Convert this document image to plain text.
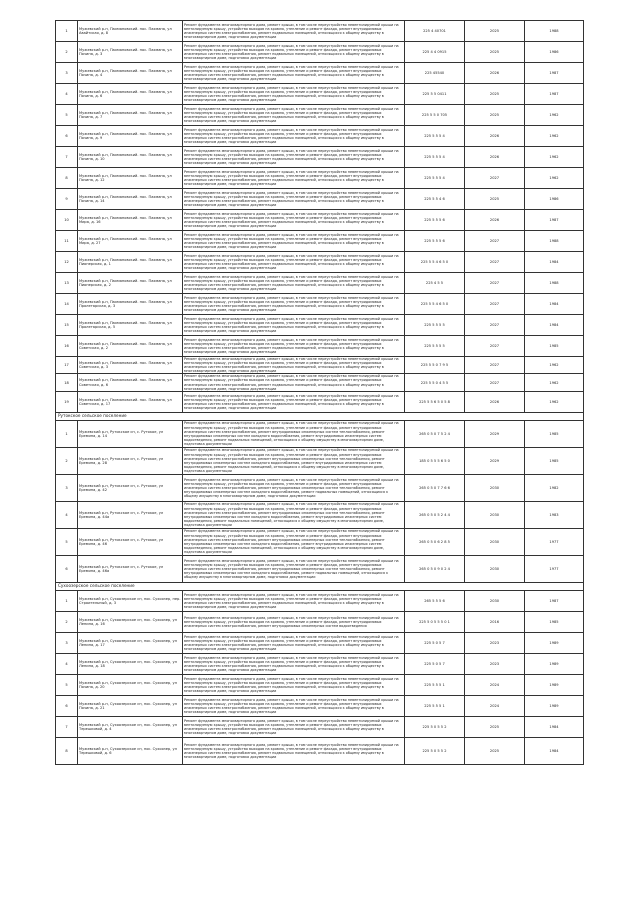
1	Мужевский р-н, Пахмановский. пос. Пахмана, ул Авайтская, д. 8	Ремонт фундамента многоквартирного дома, ремонт крыши, в том числе переустройство невентилируемой крыши на вентилируемую крышу, устройство выходов на кровлю, утепление и ремонт фасада, ремонт внутридомовых инженерных систем электроснабжения, ремонт подвальных помещений, относящихся к общему имуществу в многоквартирном доме, подготовка документации	225 4 40701	2025	1988
2	Мужевский р-н, Пахмановский. пос. Пахмана, ул Почина, д. 3	Ремонт фундамента многоквартирного дома, ремонт крыши, в том числе переустройство невентилируемой крыши на вентилируемую крышу, устройство выходов на кровлю, утепление и ремонт фасада, ремонт внутридомовых инженерных систем электроснабжения, ремонт подвальных помещений, относящихся к общему имуществу в многоквартирном доме, подготовка документации	225 4 4 0915	2025	1986
3	Мужевский р-н, Пахмановский. пос. Пахмана, ул Почина, д. 4	Ремонт фундамента многоквартирного дома, ремонт крыши, в том числе переустройство невентилируемой крыши на вентилируемую крышу, устройство выходов на кровлю, утепление и ремонт фасада, ремонт внутридомовых инженерных систем электроснабжения, ремонт подвальных помещений, относящихся к общему имуществу в многоквартирном доме, подготовка документации	225 45540	2026	1987
4	Мужевский р-н, Пахмановский. пос. Пахмана, ул Почина, д. 6	Ремонт фундамента многоквартирного дома, ремонт крыши, в том числе переустройство невентилируемой крыши на вентилируемую крышу, устройство выходов на кровлю, утепление и ремонт фасада, ремонт внутридомовых инженерных систем электроснабжения, ремонт подвальных помещений, относящихся к общему имуществу в многоквартирном доме, подготовка документации	225 5 5 0411	2025	1987
5	Мужевский р-н, Пахмановский. пос. Пахмана, ул Почина, д. 7	Ремонт фундамента многоквартирного дома, ремонт крыши, в том числе переустройство невентилируемой крыши на вентилируемую крышу, устройство выходов на кровлю, утепление и ремонт фасада, ремонт внутридомовых инженерных систем электроснабжения, ремонт подвальных помещений, относящихся к общему имуществу в многоквартирном доме, подготовка документации	225 5 5 0 705	2025	1962
6	Мужевский р-н, Пахмановский. пос. Пахмана, ул Почина, д. 9	Ремонт фундамента многоквартирного дома, ремонт крыши, в том числе переустройство невентилируемой крыши на вентилируемую крышу, устройство выходов на кровлю, утепление и ремонт фасада, ремонт внутридомовых инженерных систем электроснабжения, ремонт подвальных помещений, относящихся к общему имуществу в многоквартирном доме, подготовка документации	225 5 5 5 4	2026	1962
7	Мужевский р-н, Пахмановский. пос. Пахмана, ул Почина, д. 10	Ремонт фундамента многоквартирного дома, ремонт крыши, в том числе переустройство невентилируемой крыши на вентилируемую крышу, устройство выходов на кровлю, утепление и ремонт фасада, ремонт внутридомовых инженерных систем электроснабжения, ремонт подвальных помещений, относящихся к общему имуществу в многоквартирном доме, подготовка документации	225 5 5 5 4	2026	1962
8	Мужевский р-н, Пахмановский. пос. Пахмана, ул Почина, д. 12	Ремонт фундамента многоквартирного дома, ремонт крыши, в том числе переустройство невентилируемой крыши на вентилируемую крышу, устройство выходов на кровлю, утепление и ремонт фасада, ремонт внутридомовых инженерных систем электроснабжения, ремонт подвальных помещений, относящихся к общему имуществу в многоквартирном доме, подготовка документации	225 5 5 5 4	2027	1962
9	Мужевский р-н, Пахмановский. пос. Пахмана, ул Почина, д. 14	Ремонт фундамента многоквартирного дома, ремонт крыши, в том числе переустройство невентилируемой крыши на вентилируемую крышу, устройство выходов на кровлю, утепление и ремонт фасада, ремонт внутридомовых инженерных систем электроснабжения, ремонт подвальных помещений, относящихся к общему имуществу в многоквартирном доме, подготовка документации	225 5 5 4 6	2025	1986
10	Мужевский р-н, Пахмановский. пос. Пахмана, ул Мира, д. 16	Ремонт фундамента многоквартирного дома, ремонт крыши, в том числе переустройство невентилируемой крыши на вентилируемую крышу, устройство выходов на кровлю, утепление и ремонт фасада, ремонт внутридомовых инженерных систем электроснабжения, ремонт подвальных помещений, относящихся к общему имуществу в многоквартирном доме, подготовка документации	225 5 5 5 6	2026	1987
11	Мужевский р-н, Пахмановский. пос. Пахмана, ул Мира, д. 27	Ремонт фундамента многоквартирного дома, ремонт крыши, в том числе переустройство невентилируемой крыши на вентилируемую крышу, устройство выходов на кровлю, утепление и ремонт фасада, ремонт внутридомовых инженерных систем электроснабжения, ремонт подвальных помещений, относящихся к общему имуществу в многоквартирном доме, подготовка документации	225 5 5 5 6	2027	1988
12	Мужевский р-н, Пахмановский. пос. Пахмана, ул Пионерская, д. 1	Ремонт фундамента многоквартирного дома, ремонт крыши, в том числе переустройство невентилируемой крыши на вентилируемую крышу, устройство выходов на кровлю, утепление и ремонт фасада, ремонт внутридомовых инженерных систем электроснабжения, ремонт подвальных помещений, относящихся к общему имуществу в многоквартирном доме, подготовка документации	225 5 5 4 6 5 0	2027	1984
13	Мужевский р-н, Пахмановский. пос. Пахмана, ул Пионерская, д. 2	Ремонт фундамента многоквартирного дома, ремонт крыши, в том числе переустройство невентилируемой крыши на вентилируемую крышу, устройство выходов на кровлю, утепление и ремонт фасада, ремонт внутридомовых инженерных систем электроснабжения, ремонт подвальных помещений, относящихся к общему имуществу в многоквартирном доме, подготовка документации	225 4 5 5	2027	1988
14	Мужевский р-н, Пахмановский. пос. Пахмана, ул Пролетарская, д. 3	Ремонт фундамента многоквартирного дома, ремонт крыши, в том числе переустройство невентилируемой крыши на вентилируемую крышу, устройство выходов на кровлю, утепление и ремонт фасада, ремонт внутридомовых инженерных систем электроснабжения, ремонт подвальных помещений, относящихся к общему имуществу в многоквартирном доме, подготовка документации	225 5 5 4 6 5 0	2027	1984
15	Мужевский р-н, Пахмановский. пос. Пахмана, ул Пролетарская, д. 5	Ремонт фундамента многоквартирного дома, ремонт крыши, в том числе переустройство невентилируемой крыши на вентилируемую крышу, устройство выходов на кровлю, утепление и ремонт фасада, ремонт внутридомовых инженерных систем электроснабжения, ремонт подвальных помещений, относящихся к общему имуществу в многоквартирном доме, подготовка документации	225 5 5 5 5	2027	1984
16	Мужевский р-н, Пахмановский. пос. Пахмана, ул Советская, д. 2	Ремонт фундамента многоквартирного дома, ремонт крыши, в том числе переустройство невентилируемой крыши на вентилируемую крышу, устройство выходов на кровлю, утепление и ремонт фасада, ремонт внутридомовых инженерных систем электроснабжения, ремонт подвальных помещений, относящихся к общему имуществу в многоквартирном доме, подготовка документации	225 5 5 5 5	2027	1985
17	Мужевский р-н, Пахмановский. пос. Пахмана, ул Советская, д. 3	Ремонт фундамента многоквартирного дома, ремонт крыши, в том числе переустройство невентилируемой крыши на вентилируемую крышу, устройство выходов на кровлю, утепление и ремонт фасада, ремонт внутридомовых инженерных систем электроснабжения, ремонт подвальных помещений, относящихся к общему имуществу в многоквартирном доме, подготовка документации	225 5 5 0 7 9 5	2027	1962
18	Мужевский р-н, Пахмановский. пос. Пахмана, ул Советская, д. 6	Ремонт фундамента многоквартирного дома, ремонт крыши, в том числе переустройство невентилируемой крыши на вентилируемую крышу, устройство выходов на кровлю, утепление и ремонт фасада, ремонт внутридомовых инженерных систем электроснабжения, ремонт подвальных помещений, относящихся к общему имуществу в многоквартирном доме, подготовка документации	225 5 5 0 4 5 5	2027	1962
19	Мужевский р-н, Пахмановский. пос. Пахмана, ул Советская, д. 17	Ремонт фундамента многоквартирного дома, ремонт крыши, в том числе переустройство невентилируемой крыши на вентилируемую крышу, устройство выходов на кровлю, утепление и ремонт фасада, ремонт внутридомовых инженерных систем электроснабжения, ремонт подвальных помещений, относящихся к общему имуществу в многоквартирном доме, подготовка документации	225 5 5 6 5 0 5 8	2026	1962
Рутокское сельское поселение					
1	Мужевский р-н, Рутокское сп, с. Рутокое, ул Еремина, д. 14	Ремонт фундамента многоквартирного дома, ремонт крыши, в том числе переустройство невентилируемой крыши на вентилируемую крышу, устройство выходов на кровлю, утепление и ремонт фасада, ремонт внутридомовых инженерных систем электроснабжения, ремонт внутридомовых инженерных систем теплоснабжения, ремонт внутридомовых инженерных систем холодного водоснабжения, ремонт внутридомовых инженерных систем водоотведения, ремонт подвальных помещений, относящихся к общему имуществу в многоквартирном доме, подготовка документации	265 0 5 0 7 5 2 4	2029	1985
2	Мужевский р-н, Рутокское сп, с. Рутокое, ул Еремина, д. 28	Ремонт фундамента многоквартирного дома, ремонт крыши, в том числе переустройство невентилируемой крыши на вентилируемую крышу, устройство выходов на кровлю, утепление и ремонт фасада, ремонт внутридомовых инженерных систем электроснабжения, ремонт внутридомовых инженерных систем теплоснабжения, ремонт внутридомовых инженерных систем холодного водоснабжения, ремонт внутридомовых инженерных систем водоотведения, ремонт подвальных помещений, относящихся к общему имуществу в многоквартирном доме, подготовка документации	185 0 5 5 5 6 5 0	2029	1985
3	Мужевский р-н, Рутокское сп, с. Рутокое, ул Еремина, д. 42	Ремонт фундамента многоквартирного дома, ремонт крыши, в том числе переустройство невентилируемой крыши на вентилируемую крышу, устройство выходов на кровлю, утепление и ремонт фасада, ремонт внутридомовых инженерных систем электроснабжения, ремонт внутридомовых инженерных систем теплоснабжения, ремонт внутридомовых инженерных систем холодного водоснабжения, ремонт подвальных помещений, относящихся к общему имуществу в многоквартирном доме, подготовка документации	265 0 5 0 7 7 6 6	2030	1982
4	Мужевский р-н, Рутокское сп, с. Рутокое, ул Еремина, д. 44а	Ремонт фундамента многоквартирного дома, ремонт крыши, в том числе переустройство невентилируемой крыши на вентилируемую крышу, устройство выходов на кровлю, утепление и ремонт фасада, ремонт внутридомовых инженерных систем электроснабжения, ремонт внутридомовых инженерных систем теплоснабжения, ремонт внутридомовых инженерных систем холодного водоснабжения, ремонт внутридомовых инженерных систем водоотведения, ремонт подвальных помещений, относящихся к общему имуществу в многоквартирном доме, подготовка документации	265 0 5 0 5 2 4 4	2030	1983
5	Мужевский р-н, Рутокское сп, с. Рутокое, ул Еремина, д. 46	Ремонт фундамента многоквартирного дома, ремонт крыши, в том числе переустройство невентилируемой крыши на вентилируемую крышу, устройство выходов на кровлю, утепление и ремонт фасада, ремонт внутридомовых инженерных систем электроснабжения, ремонт внутридомовых инженерных систем теплоснабжения, ремонт внутридомовых инженерных систем холодного водоснабжения, ремонт внутридомовых инженерных систем водоотведения, ремонт подвальных помещений, относящихся к общему имуществу в многоквартирном доме, подготовка документации	265 0 5 0 6 2 8 5	2030	1977
6	Мужевский р-н, Рутокское сп, с. Рутокое, ул Еремина, д. 46а	Ремонт фундамента многоквартирного дома, ремонт крыши, в том числе переустройство невентилируемой крыши на вентилируемую крышу, устройство выходов на кровлю, утепление и ремонт фасада, ремонт внутридомовых инженерных систем электроснабжения, ремонт внутридомовых инженерных систем теплоснабжения, ремонт внутридомовых инженерных систем холодного водоснабжения, ремонт подвальных помещений, относящихся к общему имуществу в многоквартирном доме, подготовка документации	265 0 5 0 9 0 2 4	2030	1977
Сухоозерское сельское поселение					
1	Мужевский р-н, Сухоозерское сп, пос. Сухоозер, пер. Строительный, д. 3	Ремонт фундамента многоквартирного дома, ремонт крыши, в том числе переустройство невентилируемой крыши на вентилируемую крышу, устройство выходов на кровлю, утепление и ремонт фасада, ремонт внутридомовых инженерных систем электроснабжения, ремонт подвальных помещений, относящихся к общему имуществу в многоквартирном доме, подготовка документации	265 5 5 5 6	2030	1987
2	Мужевский р-н, Сухоозерское сп, пос. Сухоозер, ул Ленина, д. 16	Ремонт фундамента многоквартирного дома, ремонт крыши, в том числе переустройство невентилируемой крыши на вентилируемую крышу, устройство выходов на кровлю, утепление и ремонт фасада, ремонт внутридомовых инженерных систем электроснабжения, ремонт внутридомовых инженерных систем водоотведения	225 5 0 5 5 5 0 1	2016	1985
3	Мужевский р-н, Сухоозерское сп, пос. Сухоозер, ул Ленина, д. 17	Ремонт фундамента многоквартирного дома, ремонт крыши, в том числе переустройство невентилируемой крыши на вентилируемую крышу, устройство выходов на кровлю, утепление и ремонт фасада, ремонт внутридомовых инженерных систем электроснабжения, ремонт подвальных помещений, относящихся к общему имуществу в многоквартирном доме, подготовка документации	225 5 0 5 7	2023	1989
4	Мужевский р-н, Сухоозерское сп, пос. Сухоозер, ул Ленина, д. 18	Ремонт фундамента многоквартирного дома, ремонт крыши, в том числе переустройство невентилируемой крыши на вентилируемую крышу, устройство выходов на кровлю, утепление и ремонт фасада, ремонт внутридомовых инженерных систем электроснабжения, ремонт подвальных помещений, относящихся к общему имуществу в многоквартирном доме, подготовка документации	225 5 0 5 7	2023	1989
5	Мужевский р-н, Сухоозерское сп, пос. Сухоозер, ул Почина, д. 20	Ремонт фундамента многоквартирного дома, ремонт крыши, в том числе переустройство невентилируемой крыши на вентилируемую крышу, устройство выходов на кровлю, утепление и ремонт фасада, ремонт внутридомовых инженерных систем электроснабжения, ремонт подвальных помещений, относящихся к общему имуществу в многоквартирном доме, подготовка документации	225 5 5 5 1	2024	1989
6	Мужевский р-н, Сухоозерское сп, пос. Сухоозер, ул Почина, д. 21	Ремонт фундамента многоквартирного дома, ремонт крыши, в том числе переустройство невентилируемой крыши на вентилируемую крышу, устройство выходов на кровлю, утепление и ремонт фасада, ремонт внутридомовых инженерных систем электроснабжения, ремонт подвальных помещений, относящихся к общему имуществу в многоквартирном доме, подготовка документации	225 5 5 5 1	2024	1989
7	Мужевский р-н, Сухоозерское сп, пос. Сухоозер, ул Терешковой, д. 4	Ремонт фундамента многоквартирного дома, ремонт крыши, в том числе переустройство невентилируемой крыши на вентилируемую крышу, устройство выходов на кровлю, утепление и ремонт фасада, ремонт внутридомовых инженерных систем электроснабжения, ремонт подвальных помещений, относящихся к общему имуществу в многоквартирном доме, подготовка документации	225 5 0 5 5 2	2025	1984
8	Мужевский р-н, Сухоозерское сп, пос. Сухоозер, ул Терешковой, д. 6	Ремонт фундамента многоквартирного дома, ремонт крыши, в том числе переустройство невентилируемой крыши на вентилируемую крышу, устройство выходов на кровлю, утепление и ремонт фасада, ремонт внутридомовых инженерных систем электроснабжения, ремонт подвальных помещений, относящихся к общему имуществу в многоквартирном доме, подготовка документации	225 5 0 5 5 2	2025	1984
